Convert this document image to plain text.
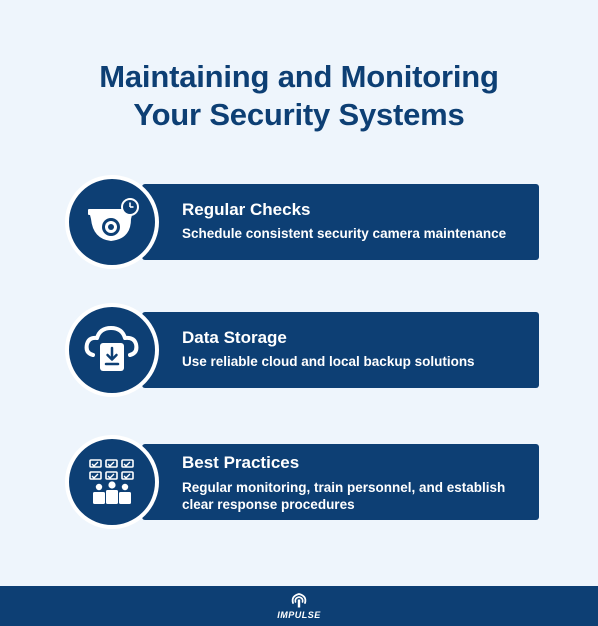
Maintaining and Monitoring
Your Security Systems
Regular Checks
Schedule consistent security camera maintenance
Data Storage
Use reliable cloud and local backup solutions
Best Practices
Regular monitoring, train personnel, and establish clear response procedures
IMPULSE
